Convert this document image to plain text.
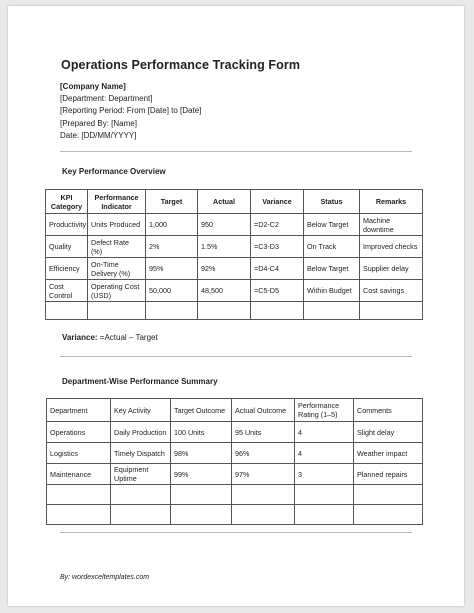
Operations Performance Tracking Form
[Company Name]
[Department: Department]
[Reporting Period: From [Date] to [Date]
[Prepared By: [Name]
Date: [DD/MM/YYYY]
Key Performance Overview
KPI Category	Performance Indicator	Target	Actual	Variance	Status	Remarks
Productivity	Units Produced	1,000	950	=D2-C2	Below Target	Machine downtime
Quality	Defect Rate (%)	2%	1.5%	=C3-D3	On Track	Improved checks
Efficiency	On-Time Delivery (%)	95%	92%	=D4-C4	Below Target	Supplier delay
Cost Control	Operating Cost (USD)	50,000	48,500	=C5-D5	Within Budget	Cost savings

Variance: =Actual – Target
Department-Wise Performance Summary
Department	Key Activity	Target Outcome	Actual Outcome	Performance Rating (1–5)	Comments
Operations	Daily Production	100 Units	95 Units	4	Slight delay
Logistics	Timely Dispatch	98%	96%	4	Weather impact
Maintenance	Equipment Uptime	99%	97%	3	Planned repairs

By: wordexceltemplates.com
